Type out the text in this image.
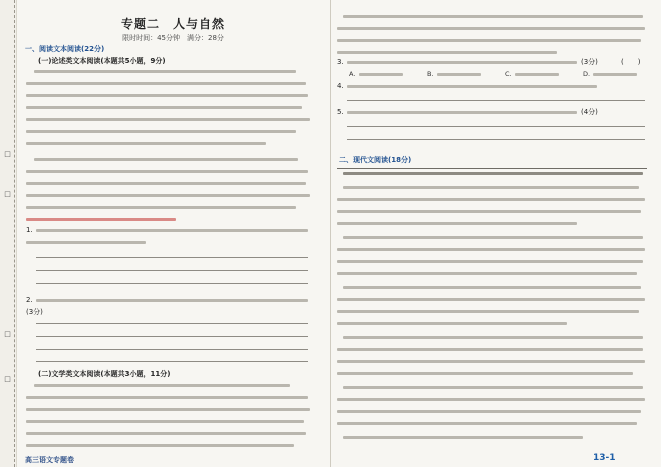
□
□
□
□
专题二　人与自然
限时时间：45分钟　满分：28分
一、阅读文本阅读(22分)
(一)论述类文本阅读(本题共5小题，9分)
1.
2.
(3分)
(二)文学类文本阅读(本题共3小题，11分)
3.	(3分)	(　　)
A.	B.	C.	D.
4.
5.	(4分)
二、现代文阅读(18分)
高三语文专题卷	13-1
